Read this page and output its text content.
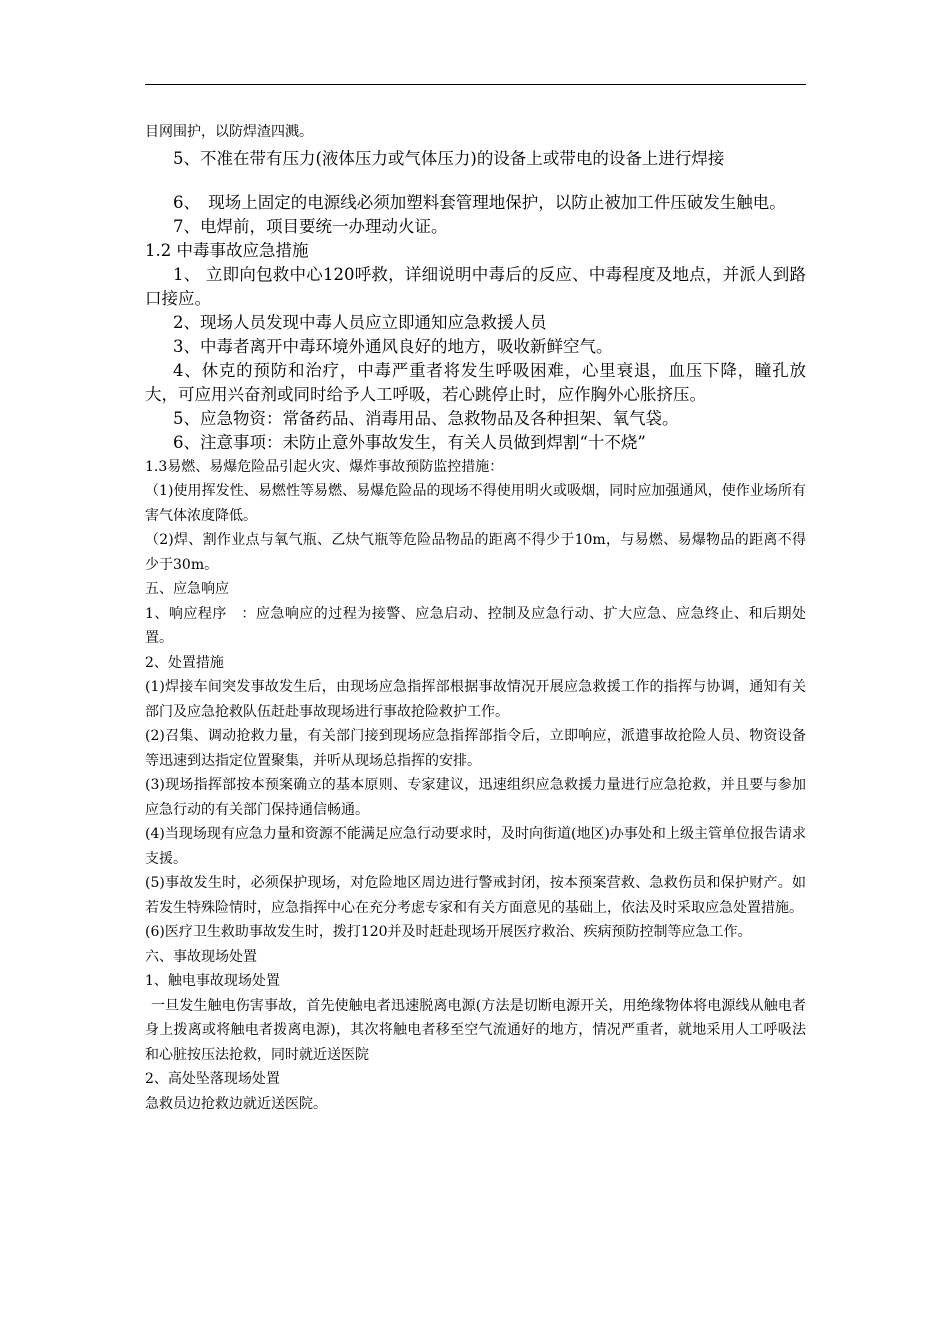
目网围护，以防焊渣四溅。

5、不准在带有压力(液体压力或气体压力)的设备上或带电的设备上进行焊接

6、　现场上固定的电源线必须加塑料套管理地保护，以防止被加工件压破发生触电。

7、电焊前，项目要统一办理动火证。

1.2 中毒事故应急措施

1、 立即向包救中心120呼救，详细说明中毒后的反应、中毒程度及地点，并派人到路口接应。

2、现场人员发现中毒人员应立即通知应急救援人员

3、中毒者离开中毒环境外通风良好的地方，吸收新鲜空气。

4、休克的预防和治疗，中毒严重者将发生呼吸困难，心里衰退，血压下降，瞳孔放大，可应用兴奋剂或同时给予人工呼吸，若心跳停止时，应作胸外心胀挤压。

5、应急物资：常备药品、消毒用品、急救物品及各种担架、氧气袋。

6、注意事项：未防止意外事故发生，有关人员做到焊割“十不烧”

1.3易燃、易爆危险品引起火灾、爆炸事故预防监控措施：

（1)使用挥发性、易燃性等易燃、易爆危险品的现场不得使用明火或吸烟，同时应加强通风，使作业场所有害气体浓度降低。

（2)焊、割作业点与氧气瓶、乙炔气瓶等危险品物品的距离不得少于10m，与易燃、易爆物品的距离不得少于30m。

五、应急响应

1、响应程序　：应急响应的过程为接警、应急启动、控制及应急行动、扩大应急、应急终止、和后期处置。

2、处置措施

(1)焊接车间突发事故发生后，由现场应急指挥部根据事故情况开展应急救援工作的指挥与协调，通知有关部门及应急抢救队伍赶赴事故现场进行事故抢险救护工作。

(2)召集、调动抢救力量，有关部门接到现场应急指挥部指令后，立即响应，派遣事故抢险人员、物资设备等迅速到达指定位置聚集，并听从现场总指挥的安排。

(3)现场指挥部按本预案确立的基本原则、专家建议，迅速组织应急救援力量进行应急抢救，并且要与参加应急行动的有关部门保持通信畅通。

(4)当现场现有应急力量和资源不能满足应急行动要求时，及时向街道(地区)办事处和上级主管单位报告请求支援。

(5)事故发生时，必须保护现场，对危险地区周边进行警戒封闭，按本预案营救、急救伤员和保护财产。如若发生特殊险情时，应急指挥中心在充分考虑专家和有关方面意见的基础上，依法及时采取应急处置措施。

(6)医疗卫生救助事故发生时，拨打120并及时赶赴现场开展医疗救治、疾病预防控制等应急工作。

六、事故现场处置

1、触电事故现场处置

一旦发生触电伤害事故，首先使触电者迅速脱离电源(方法是切断电源开关，用绝缘物体将电源线从触电者身上拨离或将触电者拨离电源)，其次将触电者移至空气流通好的地方，情况严重者，就地采用人工呼吸法和心脏按压法抢救，同时就近送医院

2、高处坠落现场处置

急救员边抢救边就近送医院。
